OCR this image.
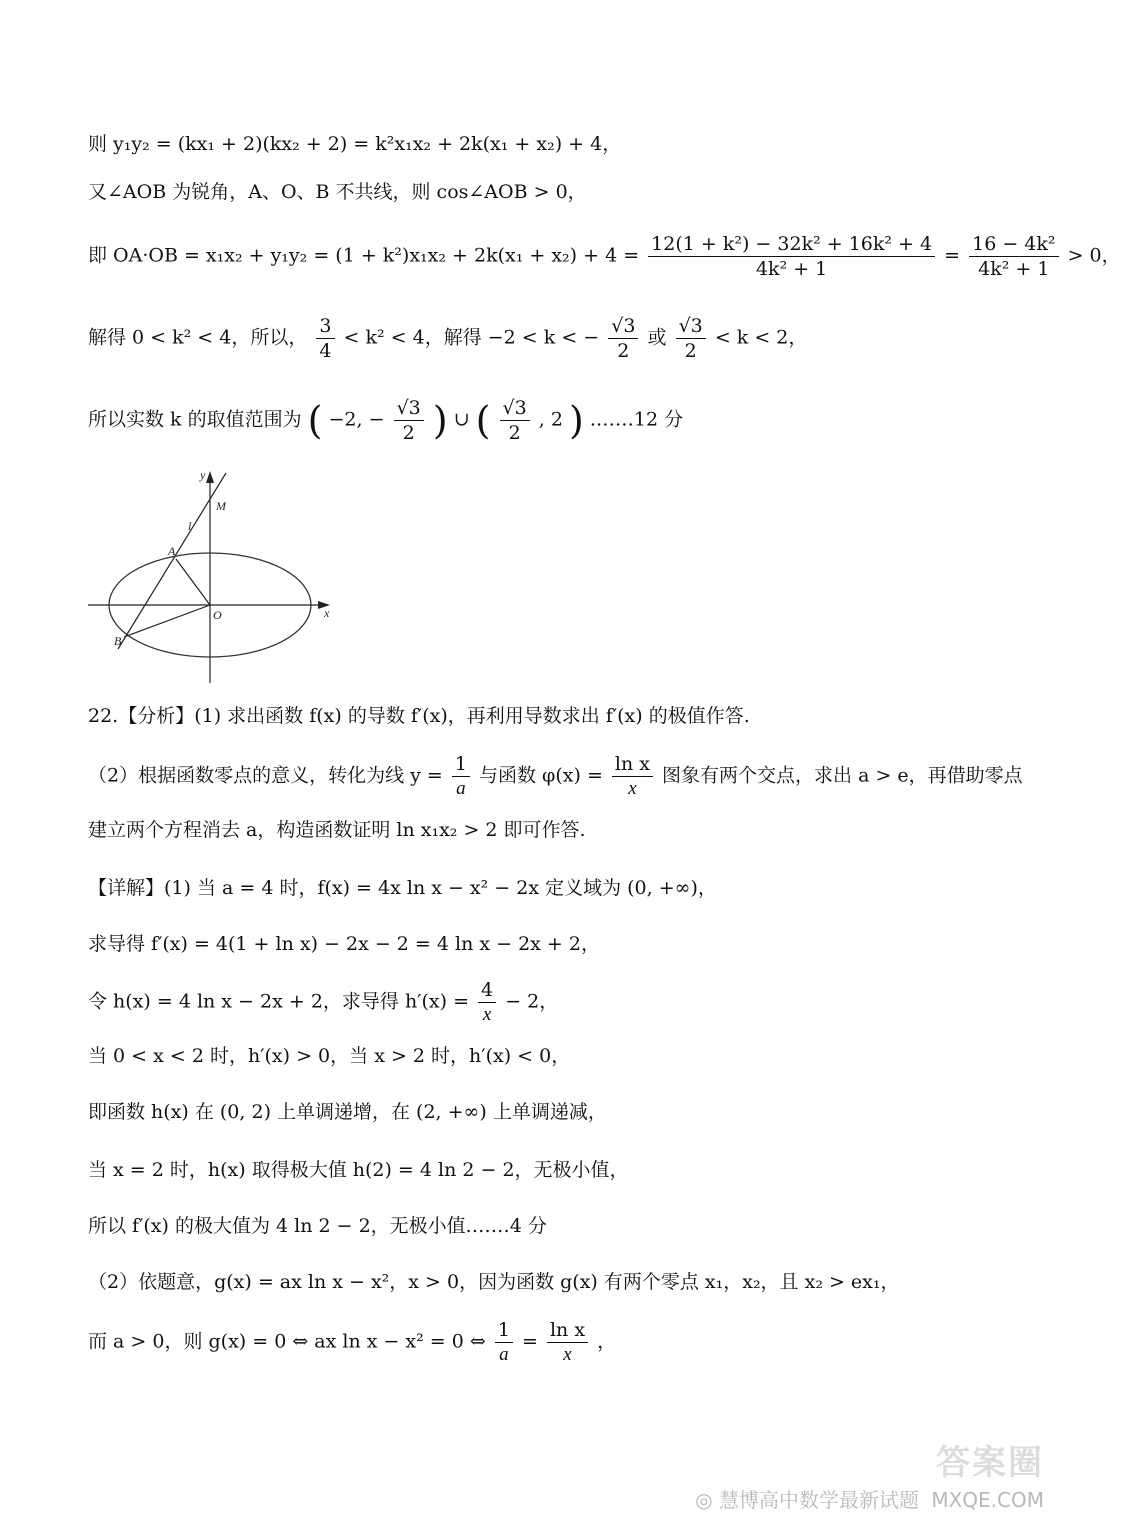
则 y₁y₂ = (kx₁ + 2)(kx₂ + 2) = k²x₁x₂ + 2k(x₁ + x₂) + 4，
又∠AOB 为锐角，A、O、B 不共线，则 cos∠AOB > 0，
即 $OA\cdot OB = x_1x_2 + y_1y_2 = (1 + k^2)x_1x_2 + 2k(x_1 + x_2) + 4 = \frac{\text{12(1 + k²) − 32k² + 16k² + 4}}{\text{4k² + 1}} = \frac{\text{16 − 4k²}}{\text{4k² + 1}} > 0$，
解得 0 < k² < 4，所以， $\frac{3}{4} < k^2 < 4$，解得 −2 < k < − $\frac{√3}{2}$ 或 $\frac{√3}{2} < k < 2$，
所以实数 k 的取值范围为 ( −2, − $\frac{√3}{2}$ ) ∪ ( $\frac{√3}{2}$ , 2 ) .……12 分
y
x
M
l
A
O
B
22.【分析】(1) 求出函数 f(x) 的导数 f′(x)，再利用导数求出 f′(x) 的极值作答.
（2）根据函数零点的意义，转化为线 $y = \frac{1}{a}$ 与函数 $\varphi(x) = \frac{\text{ln x}}{x}$ 图象有两个交点，求出 a > e，再借助零点
建立两个方程消去 a，构造函数证明 ln x₁x₂ > 2 即可作答.
【详解】(1) 当 a = 4 时，f(x) = 4x ln x − x² − 2x 定义域为 (0, +∞)，
求导得 f′(x) = 4(1 + ln x) − 2x − 2 = 4 ln x − 2x + 2，
令 h(x) = 4 ln x − 2x + 2，求导得 $h'(x) = \frac{4}{x} - 2$，
当 0 < x < 2 时，h′(x) > 0，当 x > 2 时，h′(x) < 0，
即函数 h(x) 在 (0, 2) 上单调递增，在 (2, +∞) 上单调递减，
当 x = 2 时，h(x) 取得极大值 h(2) = 4 ln 2 − 2，无极小值，
所以 f′(x) 的极大值为 4 ln 2 − 2，无极小值.……4 分
（2）依题意，g(x) = ax ln x − x²，x > 0，因为函数 g(x) 有两个零点 x₁，x₂，且 x₂ > ex₁，
而 a > 0，则 g(x) = 0 ⇔ ax ln x − x² = 0 ⇔ $\frac{1}{a} = \frac{\text{ln x}}{x}$ ，
答案圈
◎ 慧博高中数学最新试题 MXQE.COM
